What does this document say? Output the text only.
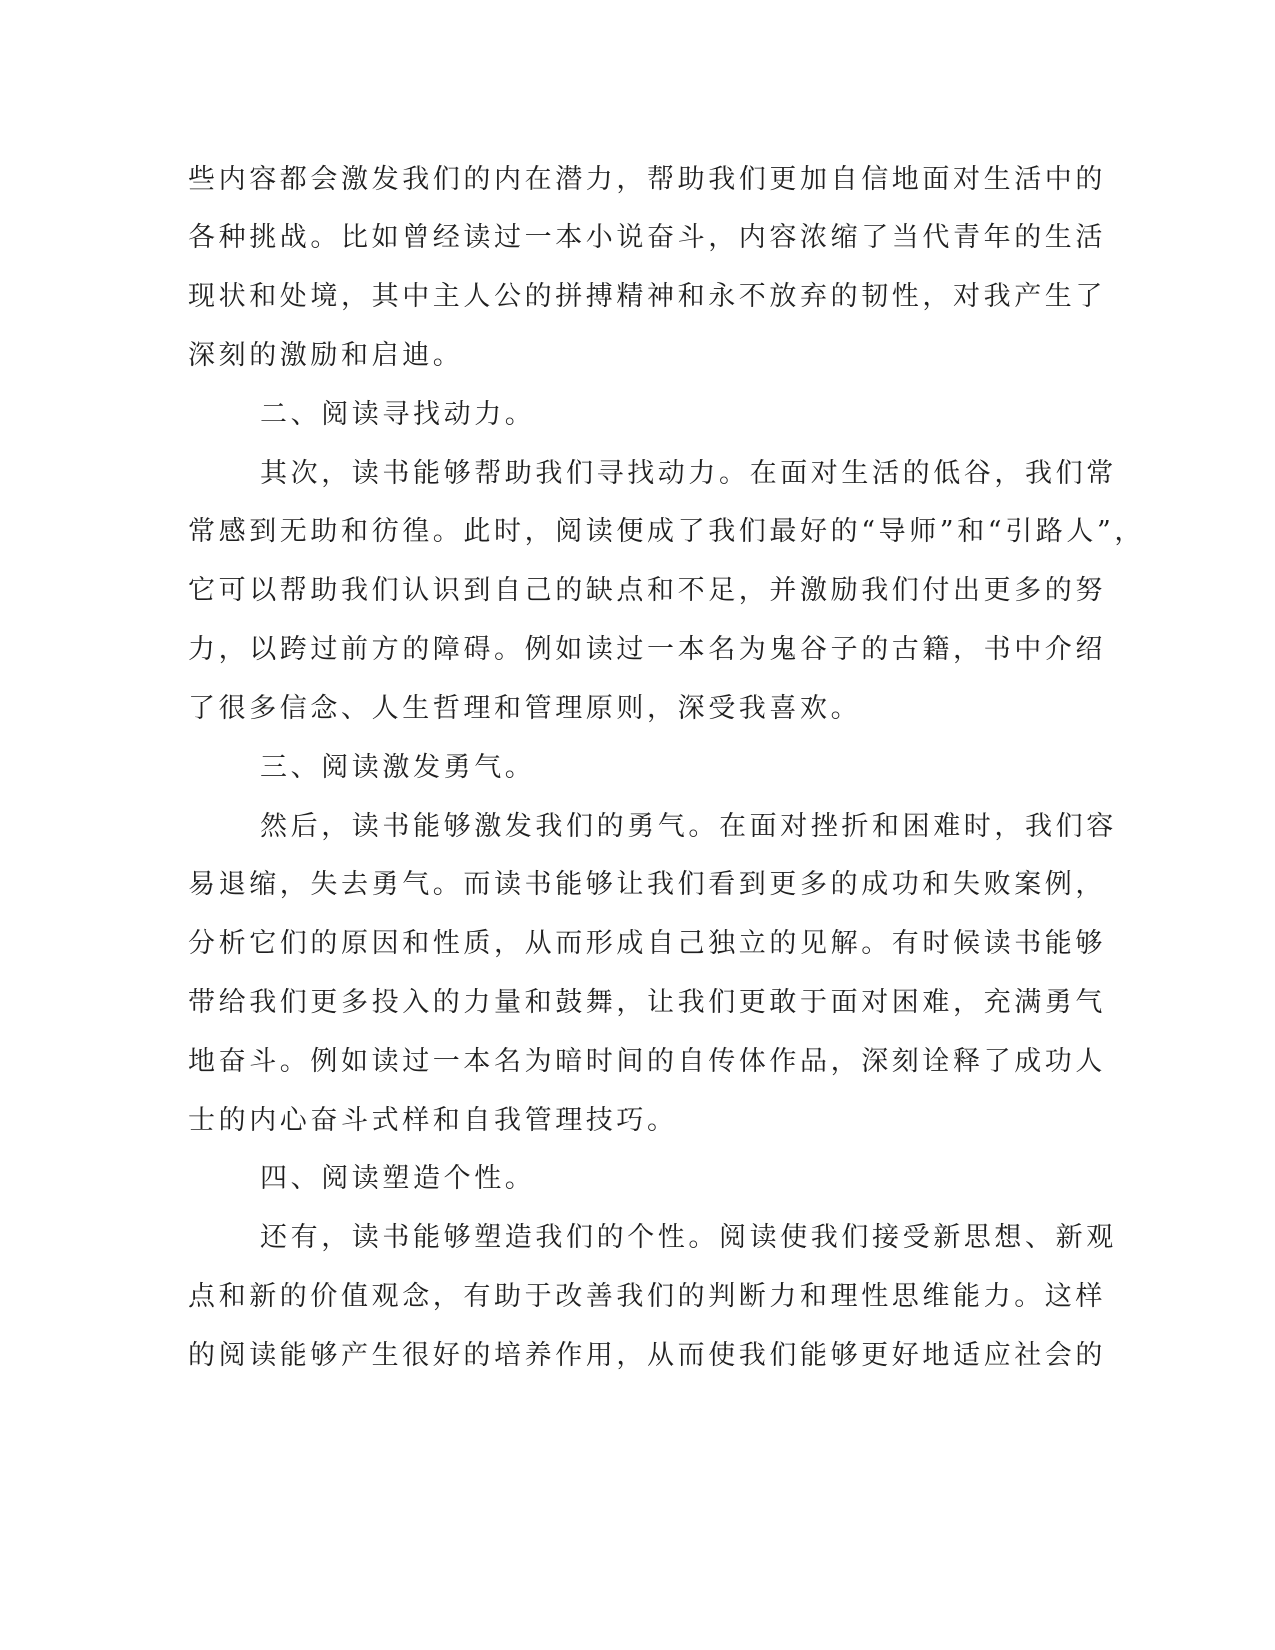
些内容都会激发我们的内在潜力，帮助我们更加自信地面对生活中的
各种挑战。比如曾经读过一本小说奋斗，内容浓缩了当代青年的生活
现状和处境，其中主人公的拼搏精神和永不放弃的韧性，对我产生了
深刻的激励和启迪。
二、阅读寻找动力。
其次，读书能够帮助我们寻找动力。在面对生活的低谷，我们常
常感到无助和彷徨。此时，阅读便成了我们最好的“导师”和“引路人”，
它可以帮助我们认识到自己的缺点和不足，并激励我们付出更多的努
力，以跨过前方的障碍。例如读过一本名为鬼谷子的古籍，书中介绍
了很多信念、人生哲理和管理原则，深受我喜欢。
三、阅读激发勇气。
然后，读书能够激发我们的勇气。在面对挫折和困难时，我们容
易退缩，失去勇气。而读书能够让我们看到更多的成功和失败案例，
分析它们的原因和性质，从而形成自己独立的见解。有时候读书能够
带给我们更多投入的力量和鼓舞，让我们更敢于面对困难，充满勇气
地奋斗。例如读过一本名为暗时间的自传体作品，深刻诠释了成功人
士的内心奋斗式样和自我管理技巧。
四、阅读塑造个性。
还有，读书能够塑造我们的个性。阅读使我们接受新思想、新观
点和新的价值观念，有助于改善我们的判断力和理性思维能力。这样
的阅读能够产生很好的培养作用，从而使我们能够更好地适应社会的
